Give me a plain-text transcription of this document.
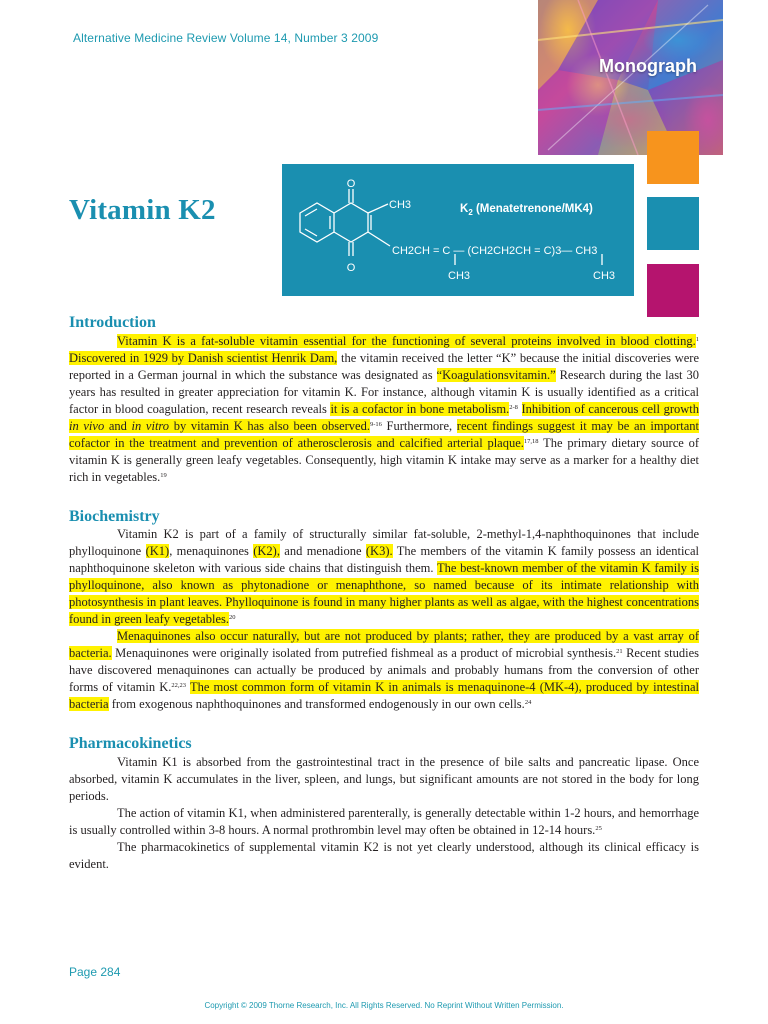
Alternative Medicine Review Volume 14, Number 3 2009
Monograph
Vitamin K2
O
O
CH3
CH2CH = C — (CH2CH2CH = C)3— CH3
CH3	CH3
$K_2$ (Menatetrenone/MK4)
Introduction

Vitamin K is a fat-soluble vitamin essential for the functioning of several proteins involved in blood clotting.$^1$ Discovered in 1929 by Danish scientist Henrik Dam, the vitamin received the letter “K” because the initial discoveries were reported in a German journal in which the substance was designated as “Koagulationsvitamin.” Research during the last 30 years has resulted in greater appreciation for vitamin K. For instance, although vitamin K is usually identified as a critical factor in blood coagulation, recent research reveals it is a cofactor in bone metabolism.$^{2-8}$ Inhibition of cancerous cell growth in vivo and in vitro by vitamin K has also been observed.$^{9-16}$ Furthermore, recent findings suggest it may be an important cofactor in the treatment and prevention of atherosclerosis and calcified arterial plaque.$^{17,18}$ The primary dietary source of vitamin K is generally green leafy vegetables. Consequently, high vitamin K intake may serve as a marker for a healthy diet rich in vegetables.$^{19}$

Biochemistry

Vitamin K2 is part of a family of structurally similar fat-soluble, 2-methyl-1,4-naphthoquinones that include phylloquinone (K1), menaquinones (K2), and menadione (K3). The members of the vitamin K family possess an identical naphthoquinone skeleton with various side chains that distinguish them. The best-known member of the vitamin K family is phylloquinone, also known as phytonadione or menaphthone, so named because of its intimate relationship with photosynthesis in plant leaves. Phylloquinone is found in many higher plants as well as algae, with the highest concentrations found in green leafy vegetables.$^{20}$

Menaquinones also occur naturally, but are not produced by plants; rather, they are produced by a vast array of bacteria. Menaquinones were originally isolated from putrefied fishmeal as a product of microbial synthesis.$^{21}$ Recent studies have discovered menaquinones can actually be produced by animals and probably humans from the conversion of other forms of vitamin K.$^{22,23}$ The most common form of vitamin K in animals is menaquinone-4 (MK-4), produced by intestinal bacteria from exogenous naphthoquinones and transformed endogenously in our own cells.$^{24}$

Pharmacokinetics

Vitamin K1 is absorbed from the gastrointestinal tract in the presence of bile salts and pancreatic lipase. Once absorbed, vitamin K accumulates in the liver, spleen, and lungs, but significant amounts are not stored in the body for long periods.

The action of vitamin K1, when administered parenterally, is generally detectable within 1-2 hours, and hemorrhage is usually controlled within 3-8 hours. A normal prothrombin level may often be obtained in 12-14 hours.$^{25}$

The pharmacokinetics of supplemental vitamin K2 is not yet clearly understood, although its clinical efficacy is evident.

Page 284
Copyright © 2009 Thorne Research, Inc. All Rights Reserved. No Reprint Without Written Permission.
